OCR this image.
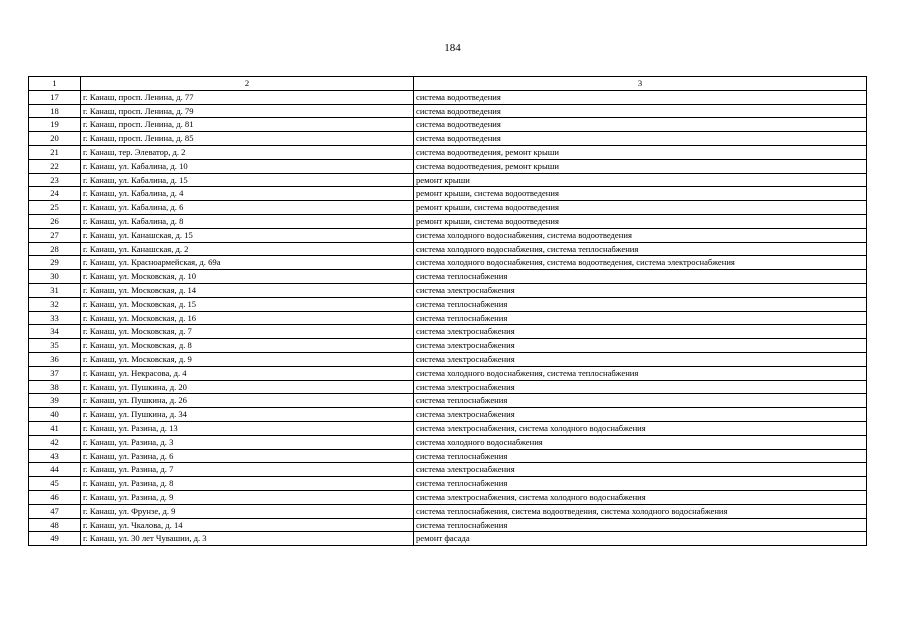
184
1	2	3
17	г. Канаш, просп. Ленина, д. 77	система водоотведения
18	г. Канаш, просп. Ленина, д. 79	система водоотведения
19	г. Канаш, просп. Ленина, д. 81	система водоотведения
20	г. Канаш, просп. Ленина, д. 85	система водоотведения
21	г. Канаш, тер. Элеватор, д. 2	система водоотведения, ремонт крыши
22	г. Канаш, ул. Кабалина, д. 10	система водоотведения, ремонт крыши
23	г. Канаш, ул. Кабалина, д. 15	ремонт крыши
24	г. Канаш, ул. Кабалина, д. 4	ремонт крыши, система водоотведения
25	г. Канаш, ул. Кабалина, д. 6	ремонт крыши, система водоотведения
26	г. Канаш, ул. Кабалина, д. 8	ремонт крыши, система водоотведения
27	г. Канаш, ул. Канашская, д. 15	система холодного водоснабжения, система водоотведения
28	г. Канаш, ул. Канашская, д. 2	система холодного водоснабжения, система теплоснабжения
29	г. Канаш, ул. Красноармейская, д. 69а	система холодного водоснабжения, система водоотведения, система электроснабжения
30	г. Канаш, ул. Московская, д. 10	система теплоснабжения
31	г. Канаш, ул. Московская, д. 14	система электроснабжения
32	г. Канаш, ул. Московская, д. 15	система теплоснабжения
33	г. Канаш, ул. Московская, д. 16	система теплоснабжения
34	г. Канаш, ул. Московская, д. 7	система электроснабжения
35	г. Канаш, ул. Московская, д. 8	система электроснабжения
36	г. Канаш, ул. Московская, д. 9	система электроснабжения
37	г. Канаш, ул. Некрасова, д. 4	система холодного водоснабжения, система теплоснабжения
38	г. Канаш, ул. Пушкина, д. 20	система электроснабжения
39	г. Канаш, ул. Пушкина, д. 26	система теплоснабжения
40	г. Канаш, ул. Пушкина, д. 34	система электроснабжения
41	г. Канаш, ул. Разина, д. 13	система электроснабжения, система холодного водоснабжения
42	г. Канаш, ул. Разина, д. 3	система холодного водоснабжения
43	г. Канаш, ул. Разина, д. 6	система теплоснабжения
44	г. Канаш, ул. Разина, д. 7	система электроснабжения
45	г. Канаш, ул. Разина, д. 8	система теплоснабжения
46	г. Канаш, ул. Разина, д. 9	система электроснабжения, система холодного водоснабжения
47	г. Канаш, ул. Фрунзе, д. 9	система теплоснабжения, система водоотведения, система холодного водоснабжения
48	г. Канаш, ул. Чкалова, д. 14	система теплоснабжения
49	г. Канаш, ул. 30 лет Чувашии, д. 3	ремонт фасада
